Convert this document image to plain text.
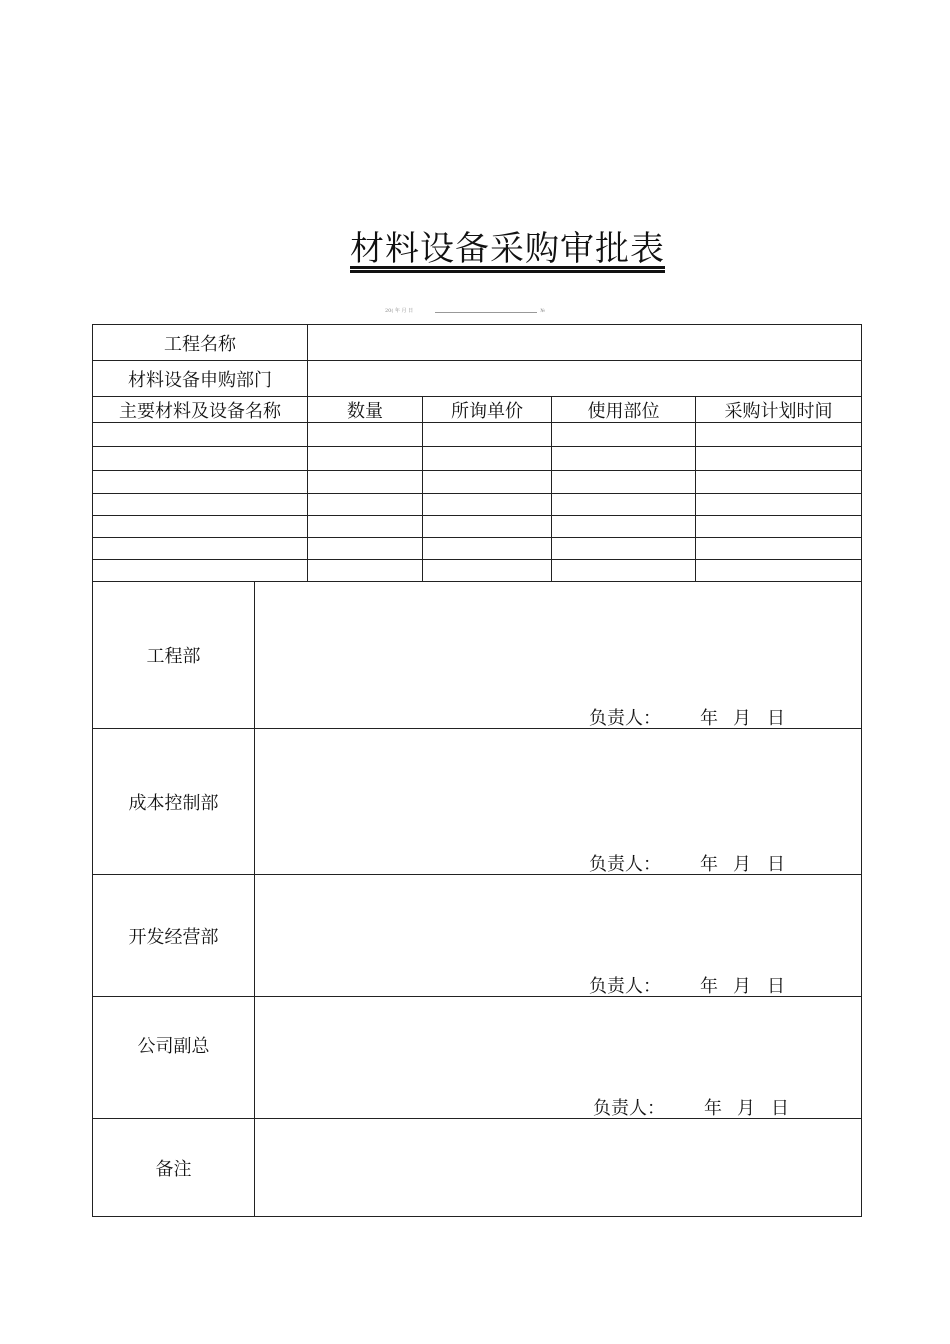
材料设备采购审批表
20( 年 月 日	№
工程名称
材料设备申购部门
主要材料及设备名称	数量	所询单价	使用部位	采购计划时间
工程部
负责人： 年 月 日
成本控制部
负责人： 年 月 日
开发经营部
负责人： 年 月 日
公司副总
负责人： 年 月 日
备注
